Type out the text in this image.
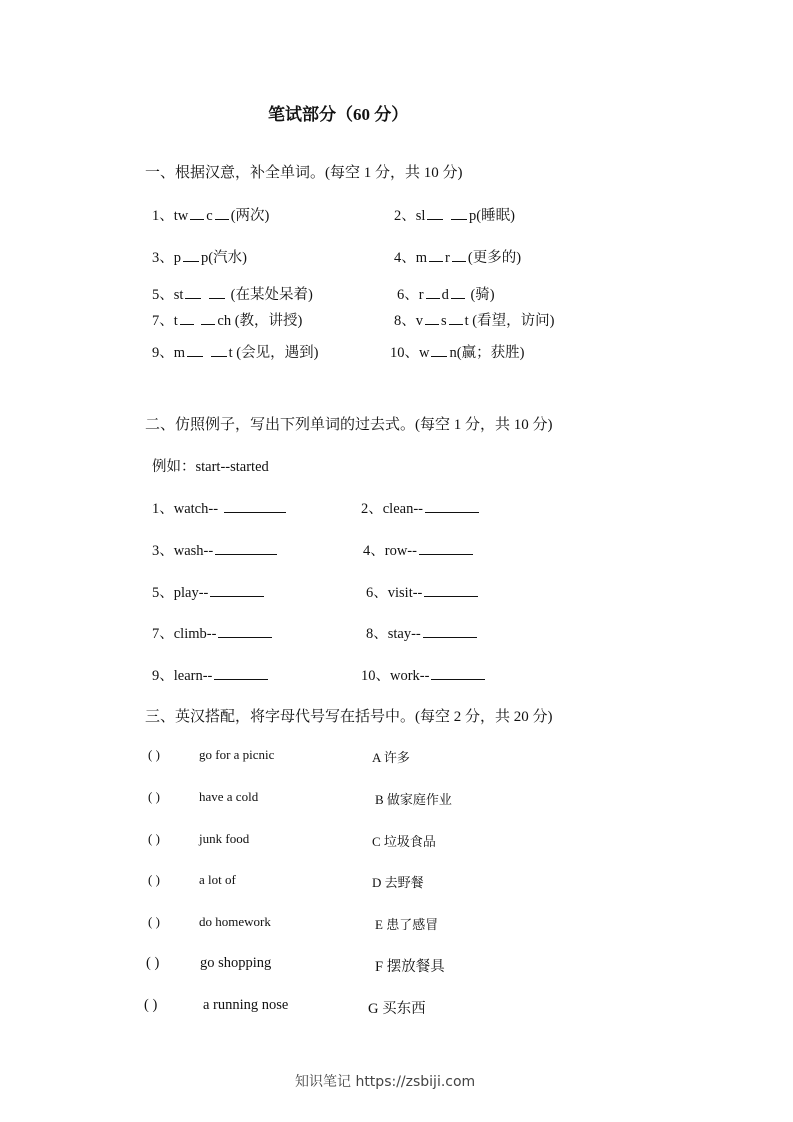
笔试部分（60 分）
一、根据汉意，补全单词。(每空 1 分，共 10 分)
1、tw c (两次)	2、sl	p(睡眠)
3、p p(汽水)	4、m r (更多的)
5、st	(在某处呆着)	6、r d (骑)
7、t	ch (教，讲授)	8、v s t (看望，访问)
9、m	t (会见，遇到)	10、w n(赢；获胜)
二、仿照例子，写出下列单词的过去式。(每空 1 分，共 10 分)
例如：start--started
1、watch--	2、clean--
3、wash--	4、row--
5、play--	6、visit--
7、climb--	8、stay--
9、learn--	10、work--
三、英汉搭配，将字母代号写在括号中。(每空 2 分，共 20 分)
( )	go for a picnic	A 许多
( )	have a cold	B 做家庭作业
( )	junk food	C 垃圾食品
( )	a lot of	D 去野餐
( )	do homework	E 患了感冒
( )	go shopping	F 摆放餐具
( )	a running nose	G 买东西
知识笔记 https://zsbiji.com
